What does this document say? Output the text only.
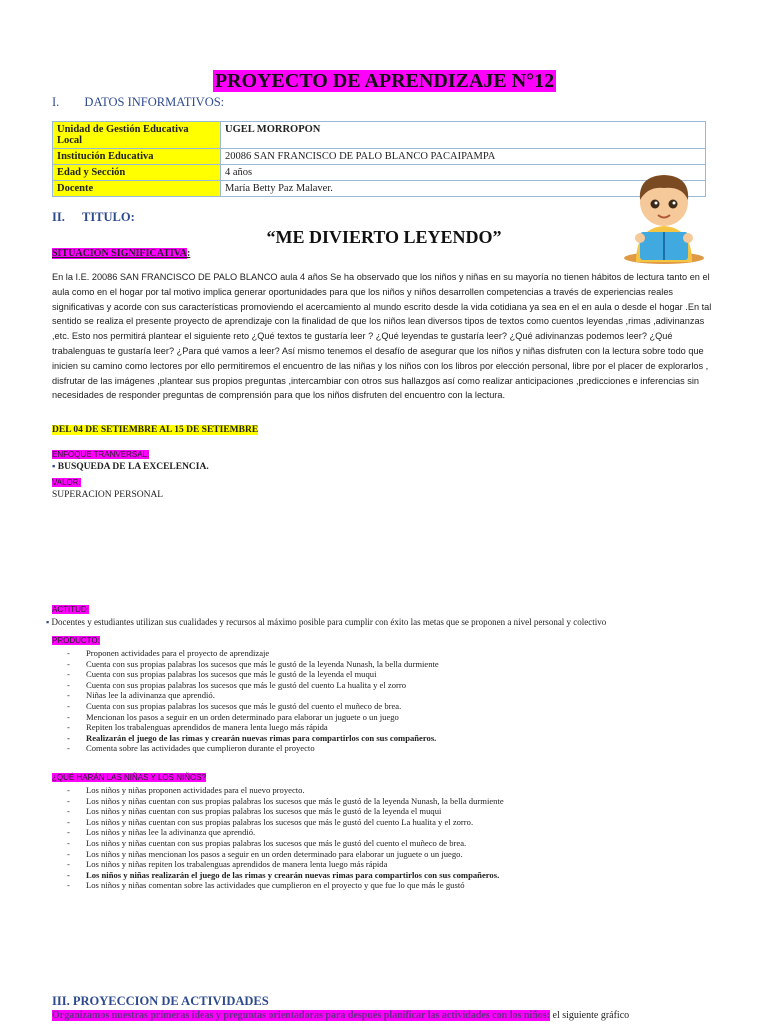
PROYECTO DE APRENDIZAJE N°12
I. DATOS INFORMATIVOS:
Unidad de Gestión Educativa Local	UGEL MORROPON
Institución Educativa	20086 SAN FRANCISCO DE PALO BLANCO PACAIPAMPA
Edad y Sección	4 años
Docente	María Betty Paz Malaver.
II. TITULO:
“ME DIVIERTO LEYENDO”
SITUACION SIGNIFICATIVA:
En la I.E. 20086 SAN FRANCISCO DE PALO BLANCO aula 4 años Se ha observado que los niños y niñas en su mayoría no tienen hábitos de lectura tanto en el aula como en el hogar por tal motivo implica generar oportunidades para que los niños y niños desarrollen competencias a través de experiencias reales significativas y acorde con sus características promoviendo el acercamiento al mundo escrito desde la vida cotidiana ya sea en el en aula o desde el hogar .En tal sentido se realiza el presente proyecto de aprendizaje con la finalidad de que los niños lean diversos tipos de textos como cuentos leyendas ,rimas ,adivinanzas ,etc. Esto nos permitirá plantear el siguiente reto ¿Qué textos te gustaría leer ? ¿Qué leyendas te gustaría leer? ¿Qué adivinanzas podemos leer? ¿Qué trabalenguas te gustaría leer? ¿Para qué vamos a leer? Así mismo tenemos el desafío de asegurar que los niños y niñas disfruten con la lectura sobre todo que inicien su camino como lectores por ello permitiremos el encuentro de las niñas y los niños con los libros por elección personal, libre por el placer de explorarlos , disfrutar de las imágenes ,plantear sus propios preguntas ,intercambiar con otros sus hallazgos así como realizar anticipaciones ,predicciones e inferencias sin necesidades de responder preguntas de comprensión para que los niños disfruten del encuentro con la lectura.
DEL 04 DE SETIEMBRE AL 15 DE SETIEMBRE
ENFOQUE TRANVERSAL:
▪ BUSQUEDA DE LA EXCELENCIA.
VALOR:
SUPERACION PERSONAL
ACTITUD:
▪ Docentes y estudiantes utilizan sus cualidades y recursos al máximo posible para cumplir con éxito las metas que se proponen a nivel personal y colectivo
PRODUCTO:
- Proponen actividades para el proyecto de aprendizaje
- Cuenta con sus propias palabras los sucesos que más le gustó de la leyenda Nunash, la bella durmiente
- Cuenta con sus propias palabras los sucesos que más le gustó de la leyenda el muqui
- Cuenta con sus propias palabras los sucesos que más le gustó del cuento La hualita y el zorro
- Niñas lee la adivinanza que aprendió.
- Cuenta con sus propias palabras los sucesos que más le gustó del cuento el muñeco de brea.
- Mencionan los pasos a seguir en un orden determinado para elaborar un juguete o un juego
- Repiten los trabalenguas aprendidos de manera lenta luego más rápida
- Realizarán el juego de las rimas y crearán nuevas rimas para compartirlos con sus compañeros.
- Comenta sobre las actividades que cumplieron durante el proyecto
¿QUÉ HARÁN LAS NIÑAS Y LOS NIÑOS?
- Los niños y niñas proponen actividades para el nuevo proyecto.
- Los niños y niñas cuentan con sus propias palabras los sucesos que más le gustó de la leyenda Nunash, la bella durmiente
- Los niños y niñas cuentan con sus propias palabras los sucesos que más le gustó de la leyenda el muqui
- Los niños y niñas cuentan con sus propias palabras los sucesos que más le gustó del cuento La hualita y el zorro.
- Los niños y niñas lee la adivinanza que aprendió.
- Los niños y niñas cuentan con sus propias palabras los sucesos que más le gustó del cuento el muñeco de brea.
- Los niños y niñas mencionan los pasos a seguir en un orden determinado para elaborar un juguete o un juego.
- Los niños y niñas repiten los trabalenguas aprendidos de manera lenta luego más rápida
- Los niños y niñas realizarán el juego de las rimas y crearán nuevas rimas para compartirlos con sus compañeros.
- Los niños y niñas comentan sobre las actividades que cumplieron en el proyecto y que fue lo que más le gustó
III. PROYECCION DE ACTIVIDADES
Organizamos nuestras primeras ideas y preguntas orientadoras para después planificar las actividades con los niños: el siguiente gráfico
